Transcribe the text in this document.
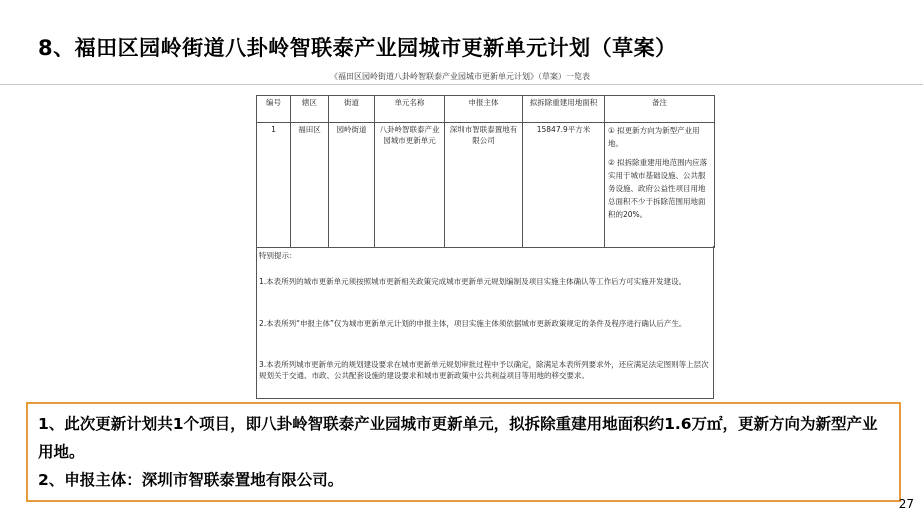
8、福田区园岭街道八卦岭智联泰产业园城市更新单元计划（草案）
《福田区园岭街道八卦岭智联泰产业园城市更新单元计划》（草案）一览表
编号	辖区	街道	单元名称	申报主体	拟拆除重建用地面积	备注
1	福田区	园岭街道	八卦岭智联泰产业园城市更新单元	深圳市智联泰置地有限公司	15847.9平方米	① 拟更新方向为新型产业用地。
② 拟拆除重建用地范围内应落实用于城市基础设施、公共服务设施、政府公益性项目用地总面积不少于拆除范围用地面积的20%。
特别提示：
1.本表所列的城市更新单元须按照城市更新相关政策完成城市更新单元规划编制及项目实施主体确认等工作后方可实施开发建设。
2.本表所列“申报主体”仅为城市更新单元计划的申报主体，项目实施主体须依据城市更新政策规定的条件及程序进行确认后产生。
3.本表所列城市更新单元的规划建设要求在城市更新单元规划审批过程中予以确定，除满足本表所列要求外，还应满足法定图则等上层次规划关于交通、市政、公共配套设施的建设要求和城市更新政策中公共利益项目等用地的移交要求。

1、此次更新计划共1个项目，即八卦岭智联泰产业园城市更新单元，拟拆除重建用地面积约1.6万㎡，更新方向为新型产业用地。

2、申报主体：深圳市智联泰置地有限公司。

27
